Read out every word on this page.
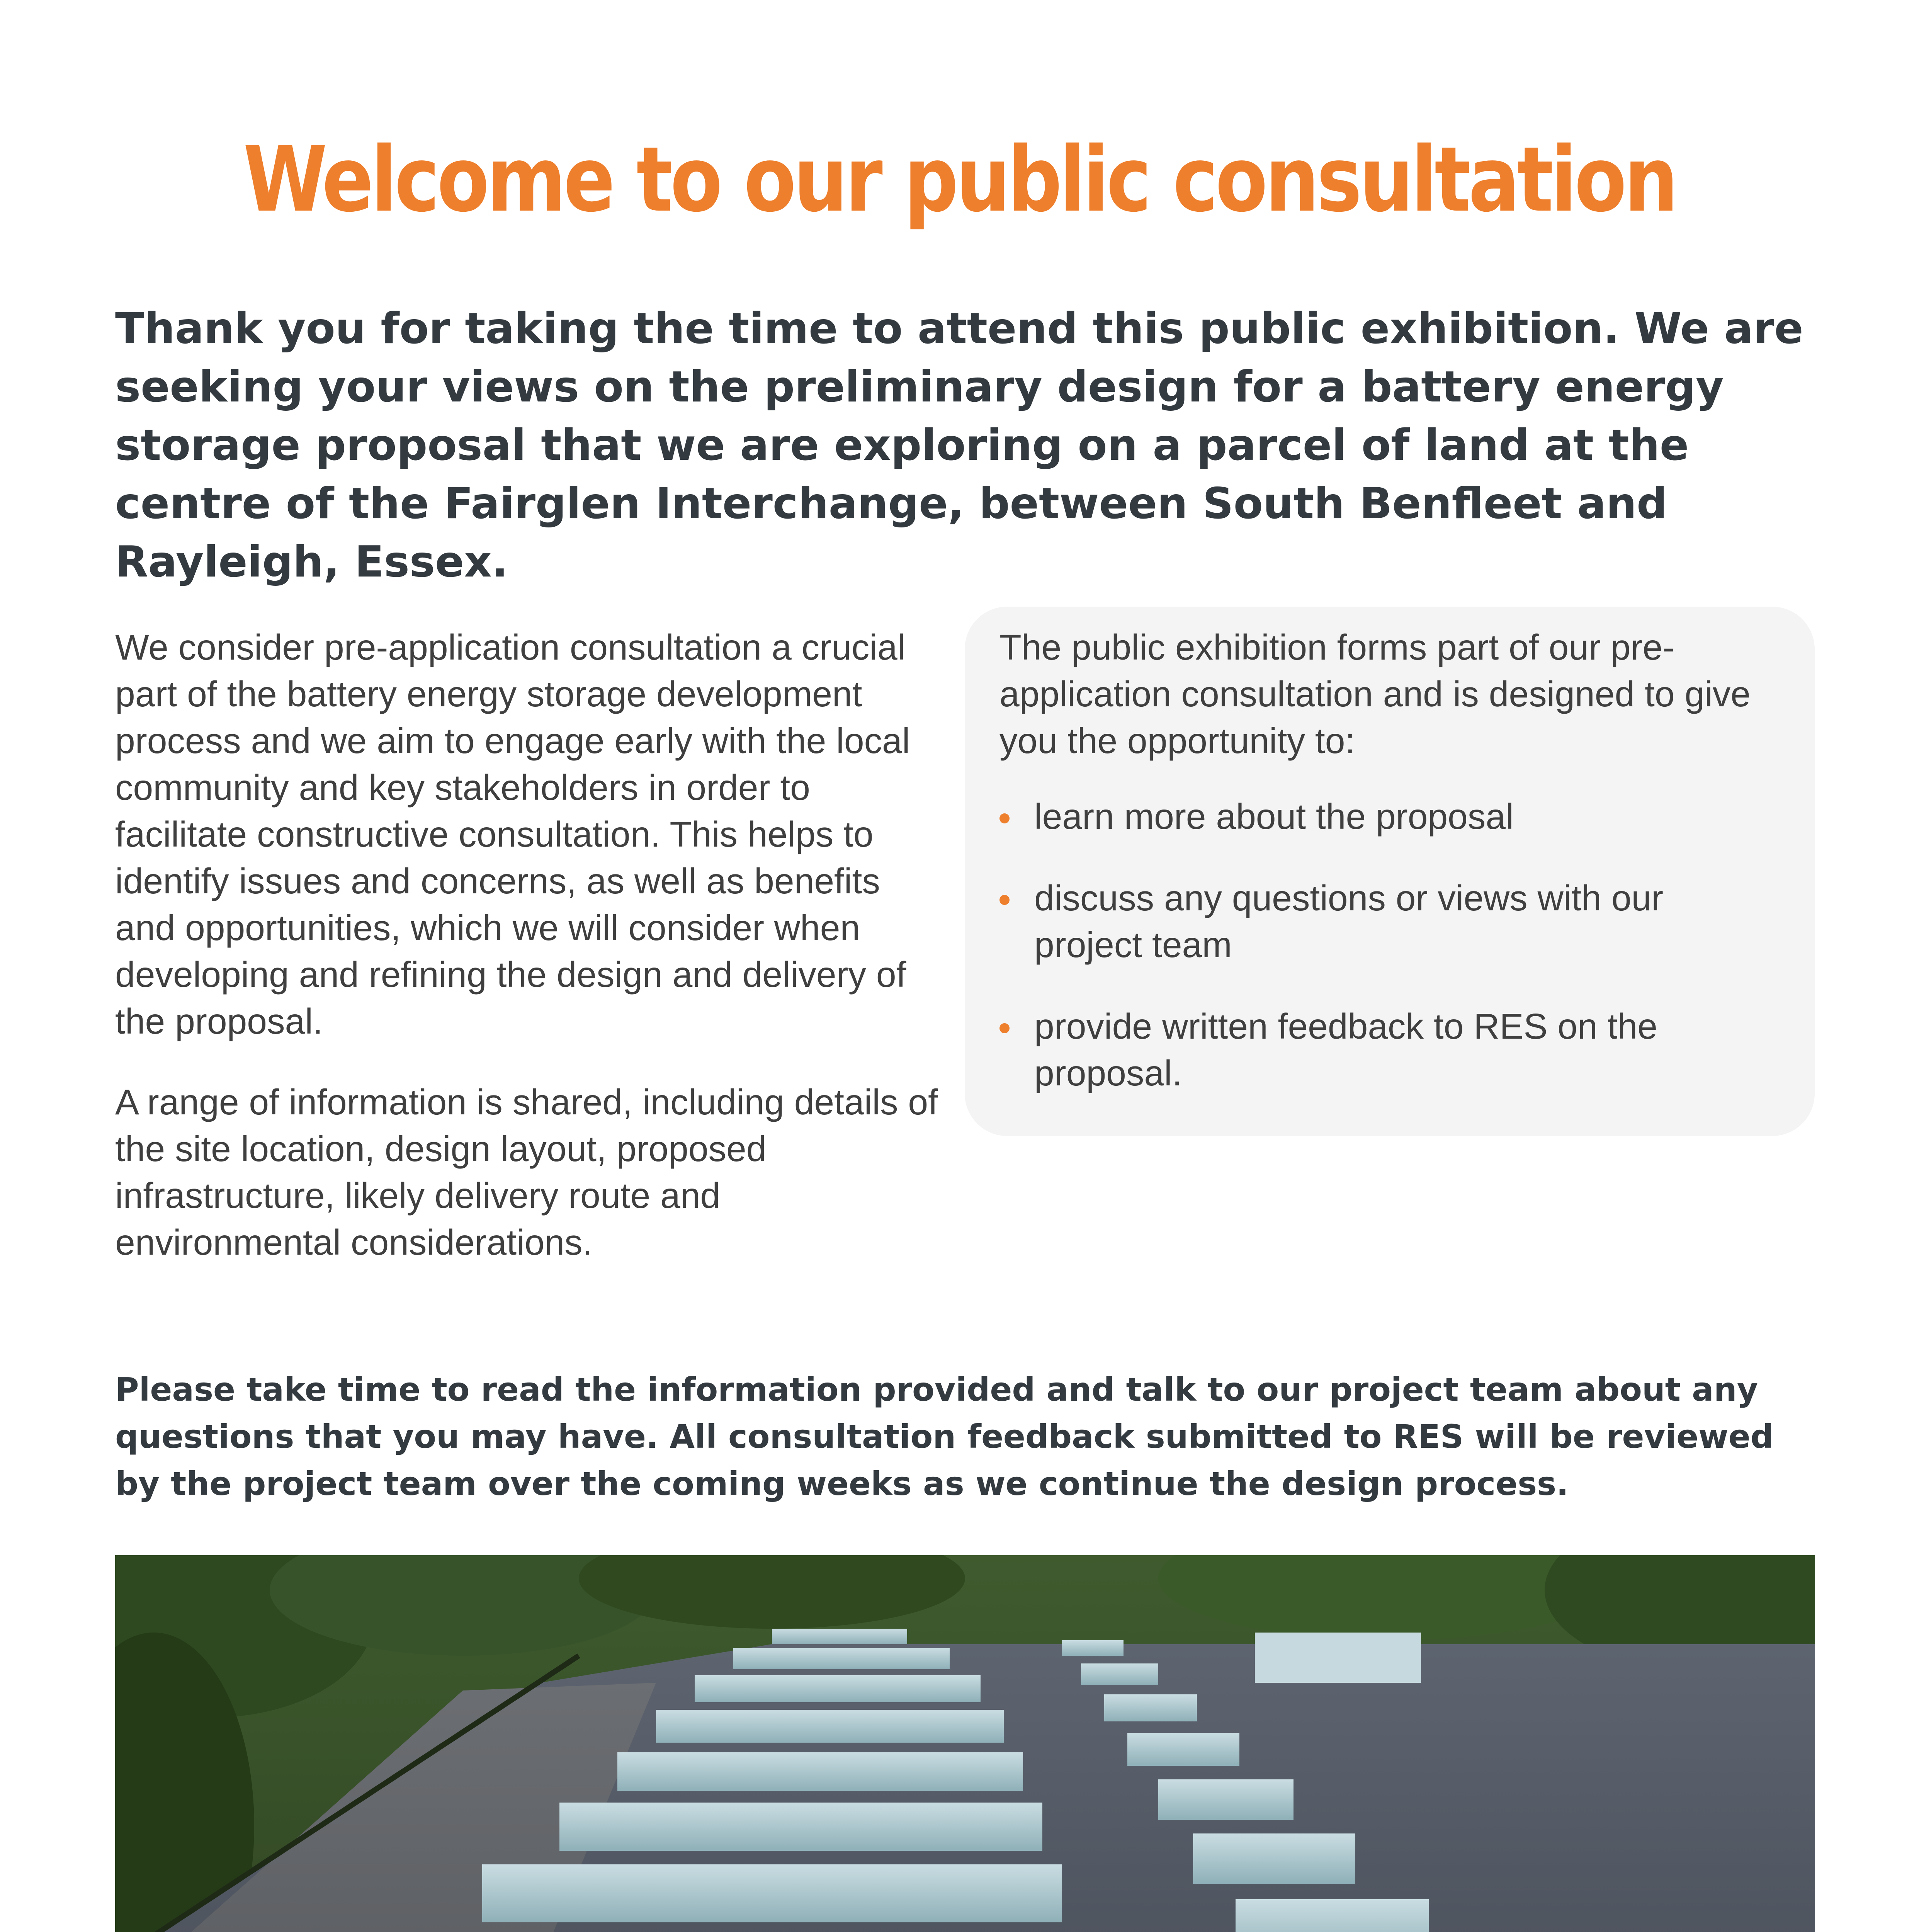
Welcome to our public consultation
Thank you for taking the time to attend this public exhibition. We are seeking your views on the preliminary design for a battery energy storage proposal that we are exploring on a parcel of land at the centre of the Fairglen Interchange, between South Benfleet and Rayleigh, Essex.

We consider pre-application consultation a crucial part of the battery energy storage development process and we aim to engage early with the local community and key stakeholders in order to facilitate constructive consultation. This helps to identify issues and concerns, as well as benefits and opportunities, which we will consider when developing and refining the design and delivery of the proposal.

A range of information is shared, including details of the site location, design layout, proposed infrastructure, likely delivery route and environmental considerations.

The public exhibition forms part of our pre-application consultation and is designed to give you the opportunity to:

learn more about the proposal
discuss any questions or views with our project team
provide written feedback to RES on the proposal.
Please take time to read the information provided and talk to our project team about any questions that you may have. All consultation feedback submitted to RES will be reviewed by the project team over the coming weeks as we continue the design process.
